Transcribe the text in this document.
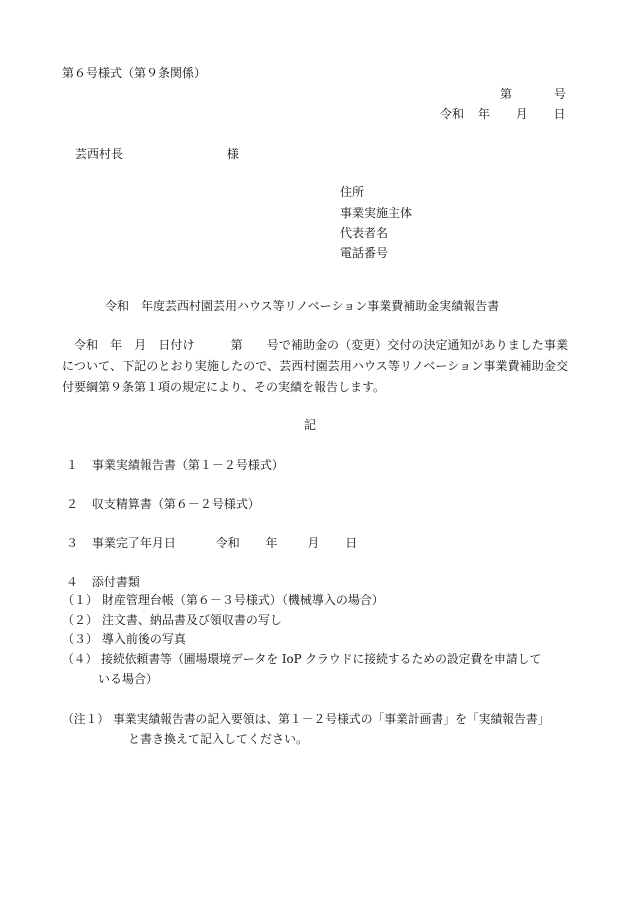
第６号様式（第９条関係）
第	号
令和 年 月 日
芸西村長	様
住所
事業実施主体
代表者名
電話番号
令和　年度芸西村園芸用ハウス等リノベーション事業費補助金実績報告書
令和　年　月　日付け　　　第　　号で補助金の（変更）交付の決定通知がありました事業について、下記のとおり実施したので、芸西村園芸用ハウス等リノベーション事業費補助金交付要綱第９条第１項の規定により、その実績を報告します。
記
１ 事業実績報告書（第１－２号様式）
２ 収支精算書（第６－２号様式）
３ 事業完了年月日	令和 年 月 日
４ 添付書類
（１） 財産管理台帳（第６－３号様式）（機械導入の場合）
（２） 注文書、納品書及び領収書の写し
（３） 導入前後の写真
（４） 接続依頼書等（圃場環境データを IoP クラウドに接続するための設定費を申請して
いる場合）
（注１） 事業実績報告書の記入要領は、第１－２号様式の「事業計画書」を「実績報告書」
と書き換えて記入してください。
